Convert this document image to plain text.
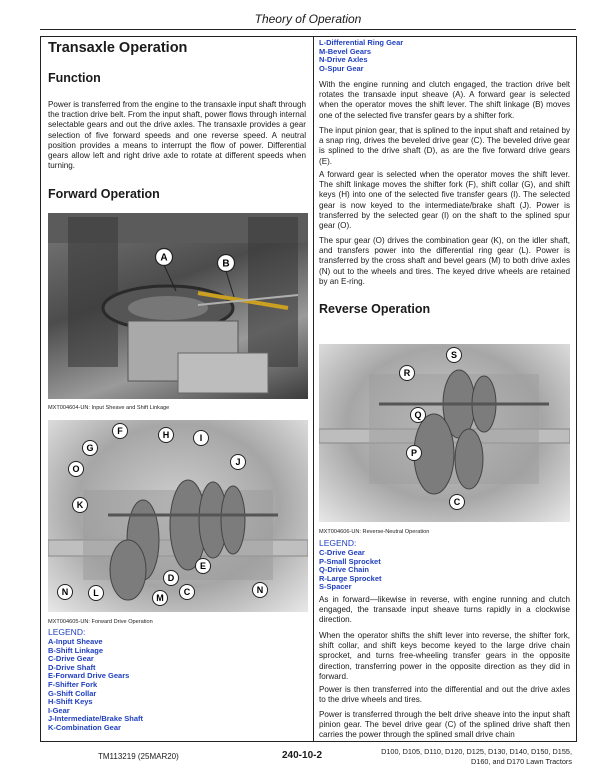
Theory of Operation
Transaxle Operation
Function
Power is transferred from the engine to the transaxle input shaft through the traction drive belt. From the input shaft, power flows through internal selectable gears and out the drive axles. The transaxle provides a gear selection of five forward speeds and one reverse speed. A neutral position provides a means to interrupt the flow of power. Differential gears allow left and right drive axle to rotate at different speeds when turning.
Forward Operation
A
B
MXT004604-UN: Input Sheave and Shift Linkage
F	H	I
G
J
O
K
E
D
N	L	M
C	N
MXT004605-UN: Forward Drive Operation
LEGEND:
A-Input Sheave
B-Shift Linkage
C-Drive Gear
D-Drive Shaft
E-Forward Drive Gears
F-Shifter Fork
G-Shift Collar
H-Shift Keys
I-Gear
J-Intermediate/Brake Shaft
K-Combination Gear
L-Differential Ring Gear
M-Bevel Gears
N-Drive Axles
O-Spur Gear
With the engine running and clutch engaged, the traction drive belt rotates the transaxle input sheave (A). A forward gear is selected when the operator moves the shift lever. The shift linkage (B) moves one of the selected five transfer gears by a shifter fork.
The input pinion gear, that is splined to the input shaft and retained by a snap ring, drives the beveled drive gear (C). The beveled drive gear is splined to the drive shaft (D), as are the five forward drive gears (E).
A forward gear is selected when the operator moves the shift lever. The shift linkage moves the shifter fork (F), shift collar (G), and shift keys (H) into one of the selected five transfer gears (I). The selected gear is now keyed to the intermediate/brake shaft (J). Power is transferred by the selected gear (I) on the shaft to the splined spur gear (O).
The spur gear (O) drives the combination gear (K), on the idler shaft, and transfers power into the differential ring gear (L). Power is transferred by the cross shaft and bevel gears (M) to both drive axles (N) out to the wheels and tires. The keyed drive wheels are retained by an E-ring.
Reverse Operation
S
R
Q
P
C
MXT004606-UN: Reverse-Neutral Operation
LEGEND:
C-Drive Gear
P-Small Sprocket
Q-Drive Chain
R-Large Sprocket
S-Spacer
As in forward—likewise in reverse, with engine running and clutch engaged, the transaxle input sheave turns rapidly in a clockwise direction.
When the operator shifts the shift lever into reverse, the shifter fork, shift collar, and shift keys become keyed to the large drive chain sprocket, and turns free-wheeling transfer gears in the opposite direction, transferring power in the opposite direction as they did in forward.
Power is then transferred into the differential and out the drive axles to the drive wheels and tires.
Power is transferred through the belt drive sheave into the input shaft pinion gear. The bevel drive gear (C) of the splined drive shaft then carries the power through the splined small drive chain
TM113219 (25MAR20)	240-10-2	D100, D105, D110, D120, D125, D130, D140, D150, D155,
D160, and D170 Lawn Tractors
